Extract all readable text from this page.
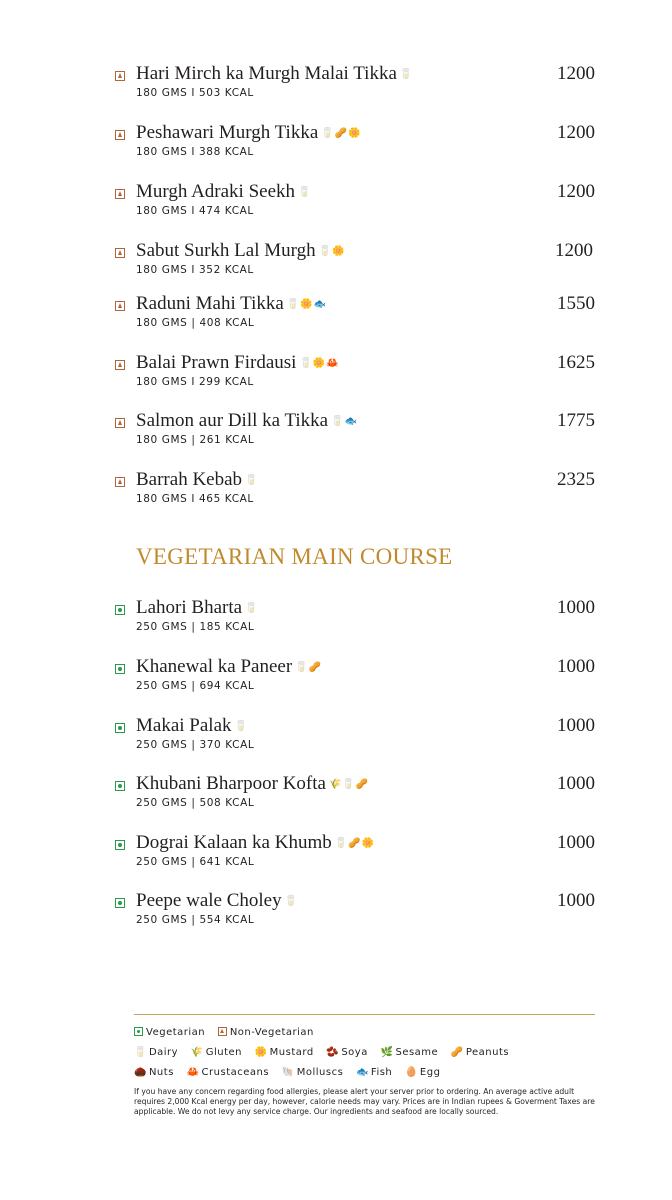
Hari Mirch ka Murgh Malai Tikka 🥛
180 GMS I 503 KCAL
1200
Peshawari Murgh Tikka 🥛🥜🌼
180 GMS I 388 KCAL
1200
Murgh Adraki Seekh 🥛
180 GMS I 474 KCAL
1200
Sabut Surkh Lal Murgh 🥛🌼
180 GMS I 352 KCAL
1200
Raduni Mahi Tikka 🥛🌼🐟
180 GMS | 408 KCAL
1550
Balai Prawn Firdausi 🥛🌼🦀
180 GMS I 299 KCAL
1625
Salmon aur Dill ka Tikka 🥛🐟
180 GMS | 261 KCAL
1775
Barrah Kebab 🥛
180 GMS I 465 KCAL
2325
VEGETARIAN MAIN COURSE
Lahori Bharta 🥛
250 GMS | 185 KCAL
1000
Khanewal ka Paneer 🥛🥜
250 GMS | 694 KCAL
1000
Makai Palak 🥛
250 GMS | 370 KCAL
1000
Khubani Bharpoor Kofta 🌾🥛🥜
250 GMS | 508 KCAL
1000
Dograi Kalaan ka Khumb 🥛🥜🌼
250 GMS | 641 KCAL
1000
Peepe wale Choley 🥛
250 GMS | 554 KCAL
1000
Vegetarian Non-Vegetarian
🥛 Dairy 🌾 Gluten 🌼 Mustard 🫘 Soya 🌿 Sesame 🥜 Peanuts
🌰 Nuts 🦀 Crustaceans 🐚 Molluscs 🐟 Fish 🥚 Egg
If you have any concern regarding food allergies, please alert your server prior to ordering. An average active adult requires 2,000 Kcal energy per day, however, calorie needs may vary. Prices are in Indian rupees & Goverment Taxes are applicable. We do not levy any service charge. Our ingredients and seafood are locally sourced.
